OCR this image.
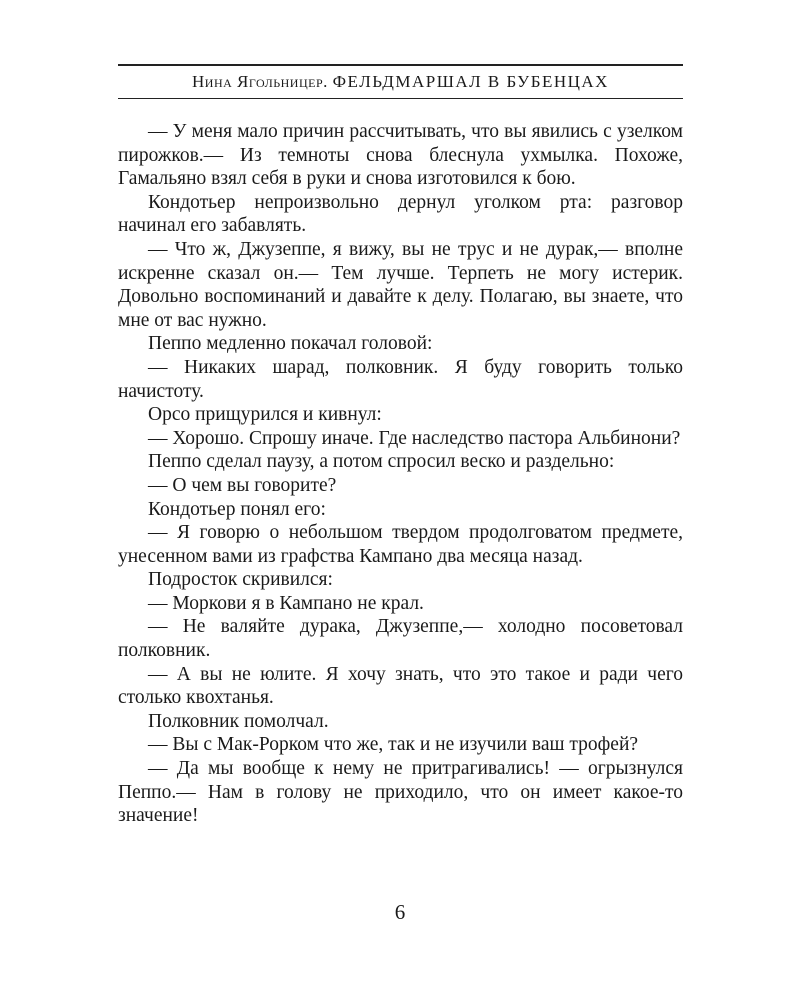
Нина Ягольницер. ФЕЛЬДМАРШАЛ В БУБЕНЦАХ

— У меня мало причин рассчитывать, что вы явились с узелком пирожков.— Из темноты снова блеснула ухмылка. Похоже, Гамальяно взял себя в руки и снова изготовился к бою.

Кондотьер непроизвольно дернул уголком рта: разговор начинал его забавлять.

— Что ж, Джузеппе, я вижу, вы не трус и не дурак,— вполне искренне сказал он.— Тем лучше. Терпеть не могу истерик. Довольно воспоминаний и давайте к делу. Полагаю, вы знаете, что мне от вас нужно.

Пеппо медленно покачал головой:

— Никаких шарад, полковник. Я буду говорить только начистоту.

Орсо прищурился и кивнул:

— Хорошо. Спрошу иначе. Где наследство пастора Альбинони?

Пеппо сделал паузу, а потом спросил веско и раздельно:

— О чем вы говорите?

Кондотьер понял его:

— Я говорю о небольшом твердом продолговатом предмете, унесенном вами из графства Кампано два месяца назад.

Подросток скривился:

— Моркови я в Кампано не крал.

— Не валяйте дурака, Джузеппе,— холодно посоветовал полковник.

— А вы не юлите. Я хочу знать, что это такое и ради чего столько квохтанья.

Полковник помолчал.

— Вы с Мак-Рорком что же, так и не изучили ваш трофей?

— Да мы вообще к нему не притрагивались! — огрызнулся Пеппо.— Нам в голову не приходило, что он имеет какое-то значение!

6
